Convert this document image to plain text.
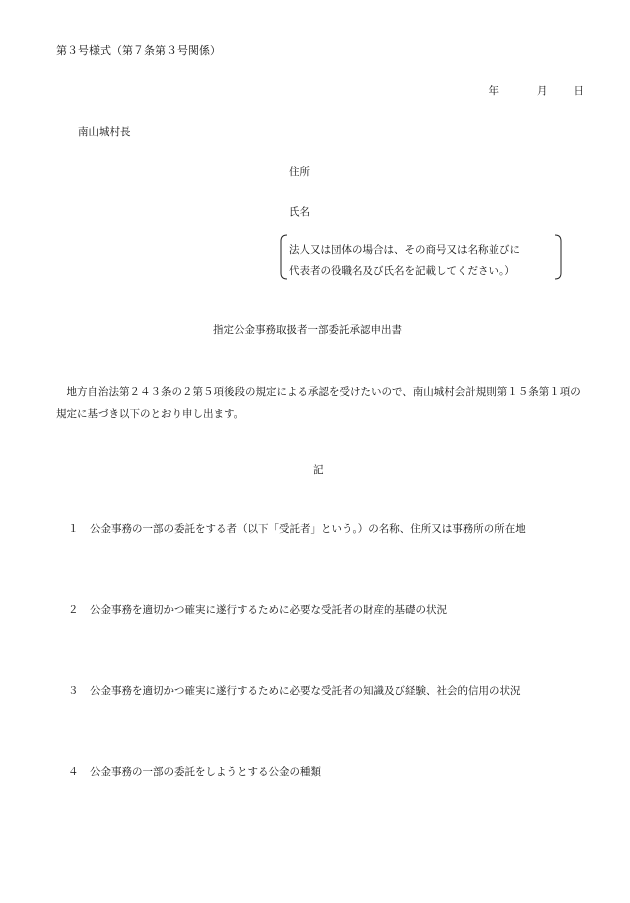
第３号様式（第７条第３号関係）
年	月 日
南山城村長
住所
氏名
法人又は団体の場合は、その商号又は名称並びに
代表者の役職名及び氏名を記載してください。）
指定公金事務取扱者一部委託承認申出書
　地方自治法第２４３条の２第５項後段の規定による承認を受けたいので、南山城村会計規則第１５条第１項の規定に基づき以下のとおり申し出ます。
記
１ 公金事務の一部の委託をする者（以下「受託者」という。）の名称、住所又は事務所の所在地
２ 公金事務を適切かつ確実に遂行するために必要な受託者の財産的基礎の状況
３ 公金事務を適切かつ確実に遂行するために必要な受託者の知識及び経験、社会的信用の状況
４ 公金事務の一部の委託をしようとする公金の種類
